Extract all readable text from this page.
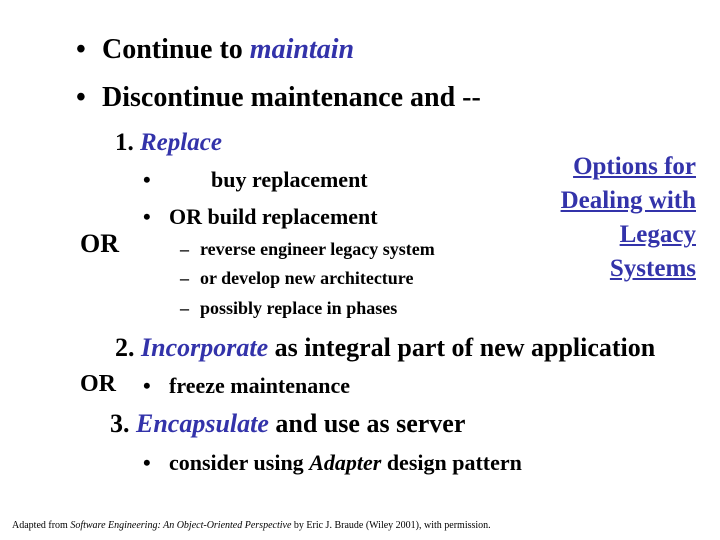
• Continue to maintain
• Discontinue maintenance and --
1. Replace
•	buy replacement
• OR build replacement
OR	– reverse engineer legacy system
– or develop new architecture
– possibly replace in phases
Options for
Dealing with
Legacy
Systems
2. Incorporate as integral part of new application
OR • freeze maintenance
3. Encapsulate and use as server
• consider using Adapter design pattern
Adapted from Software Engineering: An Object-Oriented Perspective by Eric J. Braude (Wiley 2001), with permission.
